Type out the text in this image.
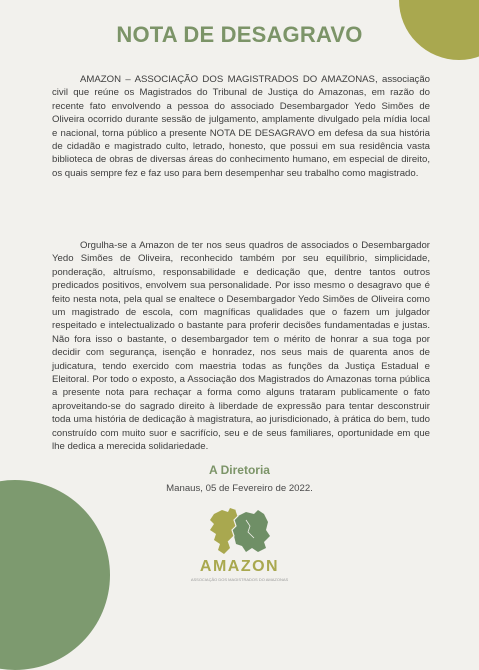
NOTA DE DESAGRAVO

AMAZON – ASSOCIAÇÃO DOS MAGISTRADOS DO AMAZONAS, associação civil que reúne os Magistrados do Tribunal de Justiça do Amazonas, em razão do recente fato envolvendo a pessoa do associado Desembargador Yedo Simões de Oliveira ocorrido durante sessão de julgamento, amplamente divulgado pela mídia local e nacional, torna público a presente NOTA DE DESAGRAVO em defesa da sua história de cidadão e magistrado culto, letrado, honesto, que possui em sua residência vasta biblioteca de obras de diversas áreas do conhecimento humano, em especial de direito, os quais sempre fez e faz uso para bem desempenhar seu trabalho como magistrado.

Orgulha-se a Amazon de ter nos seus quadros de associados o Desembargador Yedo Simões de Oliveira, reconhecido também por seu equilíbrio, simplicidade, ponderação, altruísmo, responsabilidade e dedicação que, dentre tantos outros predicados positivos, envolvem sua personalidade. Por isso mesmo o desagravo que é feito nesta nota, pela qual se enaltece o Desembargador Yedo Simões de Oliveira como um magistrado de escola, com magníficas qualidades que o fazem um julgador respeitado e intelectualizado o bastante para proferir decisões fundamentadas e justas. Não fora isso o bastante, o desembargador tem o mérito de honrar a sua toga por decidir com segurança, isenção e honradez, nos seus mais de quarenta anos de judicatura, tendo exercido com maestria todas as funções da Justiça Estadual e Eleitoral. Por todo o exposto, a Associação dos Magistrados do Amazonas torna pública a presente nota para rechaçar a forma como alguns trataram publicamente o fato aproveitando-se do sagrado direito à liberdade de expressão para tentar desconstruir toda uma história de dedicação à magistratura, ao jurisdicionado, à prática do bem, tudo construído com muito suor e sacrifício, seu e de seus familiares, oportunidade em que lhe dedica a merecida solidariedade.

A Diretoria
Manaus, 05 de Fevereiro de 2022.
AMAZON
ASSOCIAÇÃO DOS MAGISTRADOS DO AMAZONAS
